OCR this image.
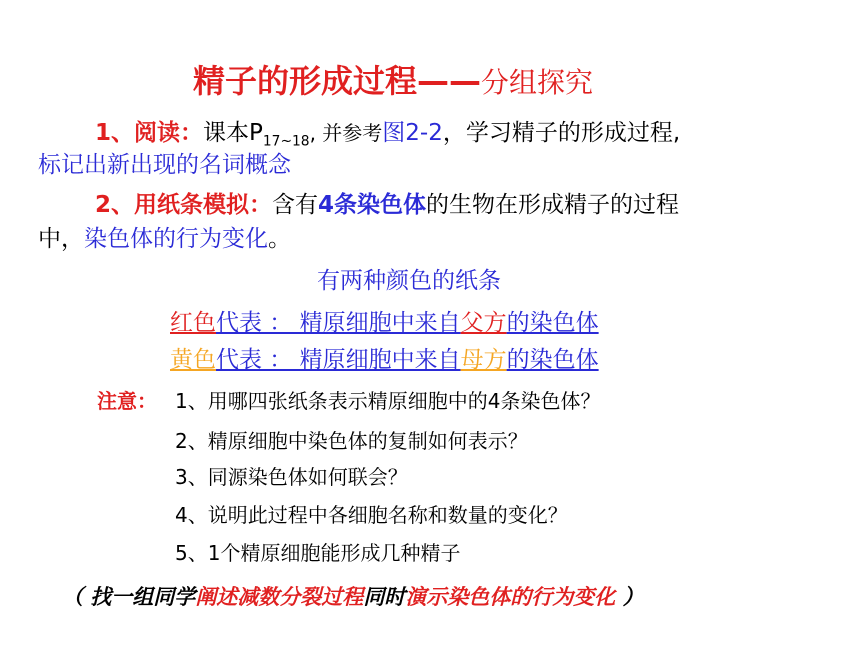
精子的形成过程——分组探究
1、阅读：课本$P_{17\sim 18}$, 并参考图2-2，学习精子的形成过程,
标记出新出现的名词概念
2、用纸条模拟：含有4条染色体的生物在形成精子的过程
中，染色体的行为变化。
有两种颜色的纸条
红色代表 ： 精原细胞中来自父方的染色体
黄色代表 ： 精原细胞中来自母方的染色体
注意： 1、用哪四张纸条表示精原细胞中的4条染色体？
2、精原细胞中染色体的复制如何表示？
3、同源染色体如何联会？
4、说明此过程中各细胞名称和数量的变化？
5、1个精原细胞能形成几种精子
（ 找一组同学阐述减数分裂过程同时演示染色体的行为变化 ）
